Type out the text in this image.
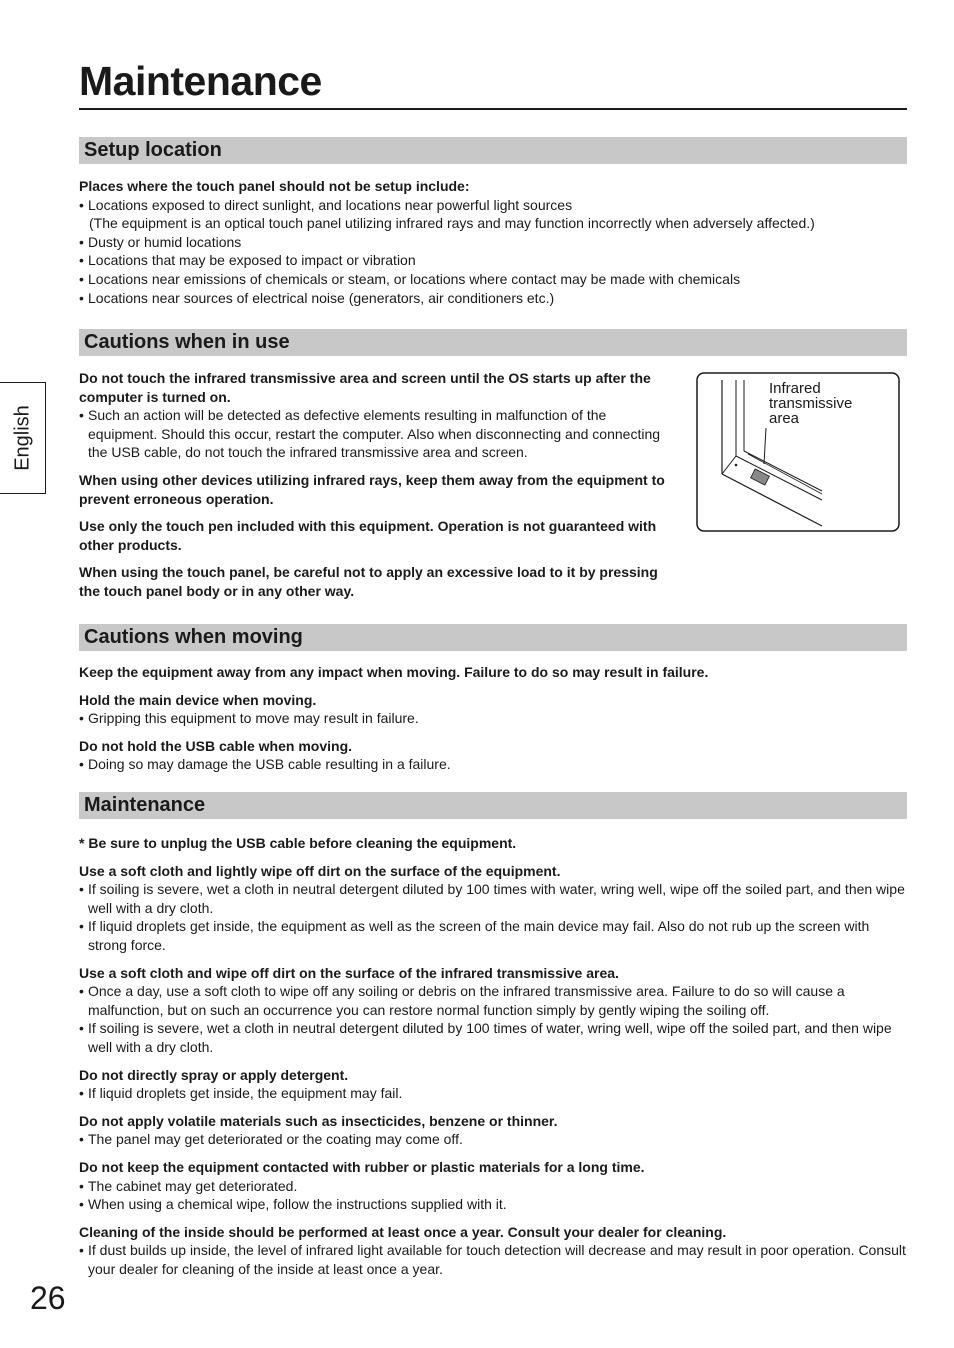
Maintenance
English
Setup location
Places where the touch panel should not be setup include:
• Locations exposed to direct sunlight, and locations near powerful light sources
(The equipment is an optical touch panel utilizing infrared rays and may function incorrectly when adversely affected.)
• Dusty or humid locations
• Locations that may be exposed to impact or vibration
• Locations near emissions of chemicals or steam, or locations where contact may be made with chemicals
• Locations near sources of electrical noise (generators, air conditioners etc.)
Cautions when in use
Do not touch the infrared transmissive area and screen until the OS starts up after the computer is turned on.
• Such an action will be detected as defective elements resulting in malfunction of the equipment. Should this occur, restart the computer. Also when disconnecting and connecting the USB cable, do not touch the infrared transmissive area and screen.
When using other devices utilizing infrared rays, keep them away from the equipment to prevent erroneous operation.
Use only the touch pen included with this equipment. Operation is not guaranteed with other products.
When using the touch panel, be careful not to apply an excessive load to it by pressing the touch panel body or in any other way.
Infrared
transmissive
area
Cautions when moving
Keep the equipment away from any impact when moving. Failure to do so may result in failure.
Hold the main device when moving.
• Gripping this equipment to move may result in failure.
Do not hold the USB cable when moving.
• Doing so may damage the USB cable resulting in a failure.
Maintenance
* Be sure to unplug the USB cable before cleaning the equipment.
Use a soft cloth and lightly wipe off dirt on the surface of the equipment.
• If soiling is severe, wet a cloth in neutral detergent diluted by 100 times with water, wring well, wipe off the soiled part, and then wipe well with a dry cloth.
• If liquid droplets get inside, the equipment as well as the screen of the main device may fail. Also do not rub up the screen with strong force.
Use a soft cloth and wipe off dirt on the surface of the infrared transmissive area.
• Once a day, use a soft cloth to wipe off any soiling or debris on the infrared transmissive area. Failure to do so will cause a malfunction, but on such an occurrence you can restore normal function simply by gently wiping the soiling off.
• If soiling is severe, wet a cloth in neutral detergent diluted by 100 times of water, wring well, wipe off the soiled part, and then wipe well with a dry cloth.
Do not directly spray or apply detergent.
• If liquid droplets get inside, the equipment may fail.
Do not apply volatile materials such as insecticides, benzene or thinner.
• The panel may get deteriorated or the coating may come off.
Do not keep the equipment contacted with rubber or plastic materials for a long time.
• The cabinet may get deteriorated.
• When using a chemical wipe, follow the instructions supplied with it.
Cleaning of the inside should be performed at least once a year. Consult your dealer for cleaning.
• If dust builds up inside, the level of infrared light available for touch detection will decrease and may result in poor operation. Consult your dealer for cleaning of the inside at least once a year.
26
